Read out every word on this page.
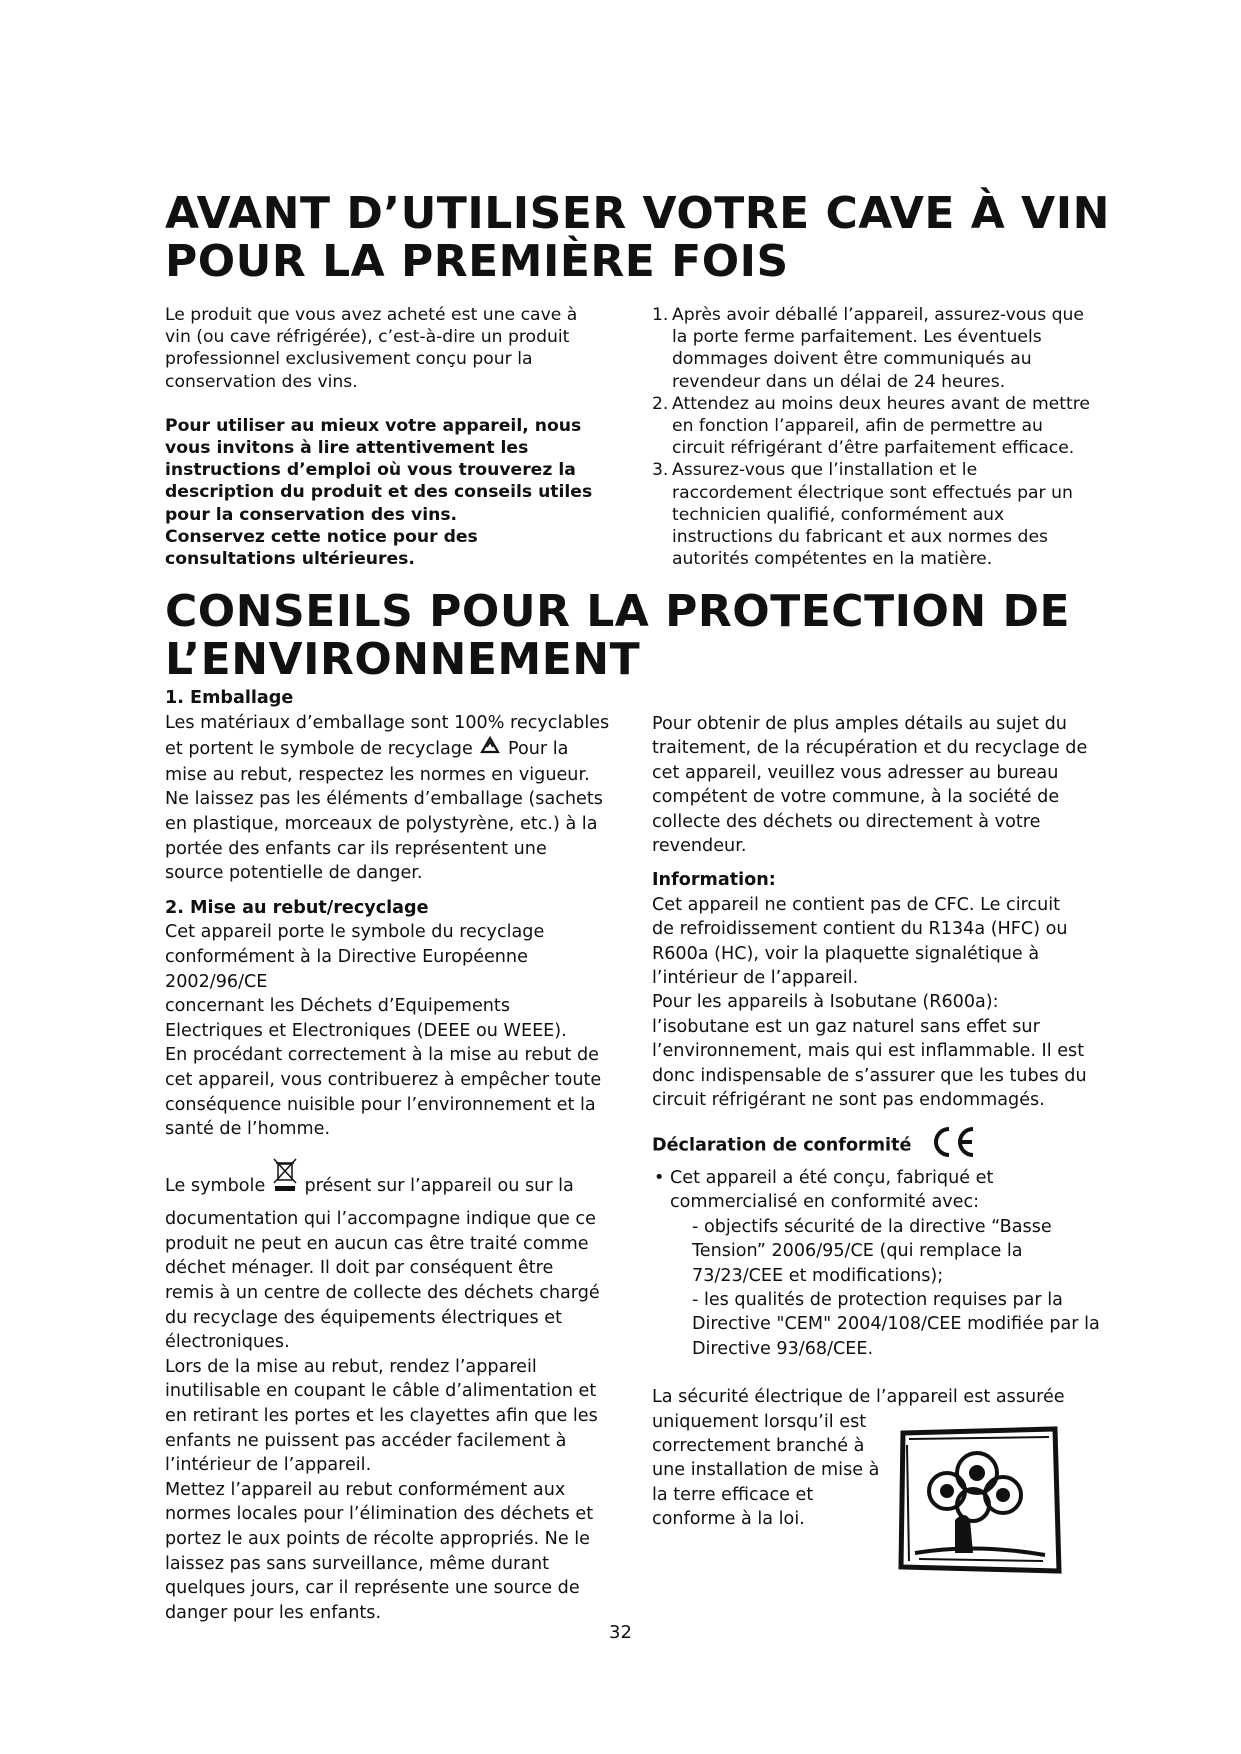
AVANT D’UTILISER VOTRE CAVE À VIN
POUR LA PREMIÈRE FOIS

Le produit que vous avez acheté est une cave à

vin (ou cave réfrigérée), c’est-à-dire un produit

professionnel exclusivement conçu pour la

conservation des vins.

Pour utiliser au mieux votre appareil, nous

vous invitons à lire attentivement les

instructions d’emploi où vous trouverez la

description du produit et des conseils utiles

pour la conservation des vins.

Conservez cette notice pour des

consultations ultérieures.

1. Après avoir déballé l’appareil, assurez-vous que

la porte ferme parfaitement. Les éventuels

dommages doivent être communiqués au

revendeur dans un délai de 24 heures.

2. Attendez au moins deux heures avant de mettre

en fonction l’appareil, afin de permettre au

circuit réfrigérant d’être parfaitement efficace.

3. Assurez-vous que l’installation et le

raccordement électrique sont effectués par un

technicien qualifié, conformément aux

instructions du fabricant et aux normes des

autorités compétentes en la matière.

CONSEILS POUR LA PROTECTION DE
L’ENVIRONNEMENT

1. Emballage

Les matériaux d’emballage sont 100% recyclables

et portent le symbole de recyclage Pour la

mise au rebut, respectez les normes en vigueur.

Ne laissez pas les éléments d’emballage (sachets

en plastique, morceaux de polystyrène, etc.) à la

portée des enfants car ils représentent une

source potentielle de danger.

2. Mise au rebut/recyclage

Cet appareil porte le symbole du recyclage

conformément à la Directive Européenne

2002/96/CE

concernant les Déchets d’Equipements

Electriques et Electroniques (DEEE ou WEEE).

En procédant correctement à la mise au rebut de

cet appareil, vous contribuerez à empêcher toute

conséquence nuisible pour l’environnement et la

santé de l’homme.

Le symbole présent sur l’appareil ou sur la

documentation qui l’accompagne indique que ce

produit ne peut en aucun cas être traité comme

déchet ménager. Il doit par conséquent être

remis à un centre de collecte des déchets chargé

du recyclage des équipements électriques et

électroniques.

Lors de la mise au rebut, rendez l’appareil

inutilisable en coupant le câble d’alimentation et

en retirant les portes et les clayettes afin que les

enfants ne puissent pas accéder facilement à

l’intérieur de l’appareil.

Mettez l’appareil au rebut conformément aux

normes locales pour l’élimination des déchets et

portez le aux points de récolte appropriés. Ne le

laissez pas sans surveillance, même durant

quelques jours, car il représente une source de

danger pour les enfants.

Pour obtenir de plus amples détails au sujet du

traitement, de la récupération et du recyclage de

cet appareil, veuillez vous adresser au bureau

compétent de votre commune, à la société de

collecte des déchets ou directement à votre

revendeur.

Information:

Cet appareil ne contient pas de CFC. Le circuit

de refroidissement contient du R134a (HFC) ou

R600a (HC), voir la plaquette signalétique à

l’intérieur de l’appareil.

Pour les appareils à Isobutane (R600a):

l’isobutane est un gaz naturel sans effet sur

l’environnement, mais qui est inflammable. Il est

donc indispensable de s’assurer que les tubes du

circuit réfrigérant ne sont pas endommagés.

Déclaration de conformité

• Cet appareil a été conçu, fabriqué et

commercialisé en conformité avec:

- objectifs sécurité de la directive “Basse

Tension” 2006/95/CE (qui remplace la

73/23/CEE et modifications);

- les qualités de protection requises par la

Directive "CEM" 2004/108/CEE modifiée par la

Directive 93/68/CEE.

La sécurité électrique de l’appareil est assurée

uniquement lorsqu’il est

correctement branché à

une installation de mise à

la terre efficace et

conforme à la loi.

32
